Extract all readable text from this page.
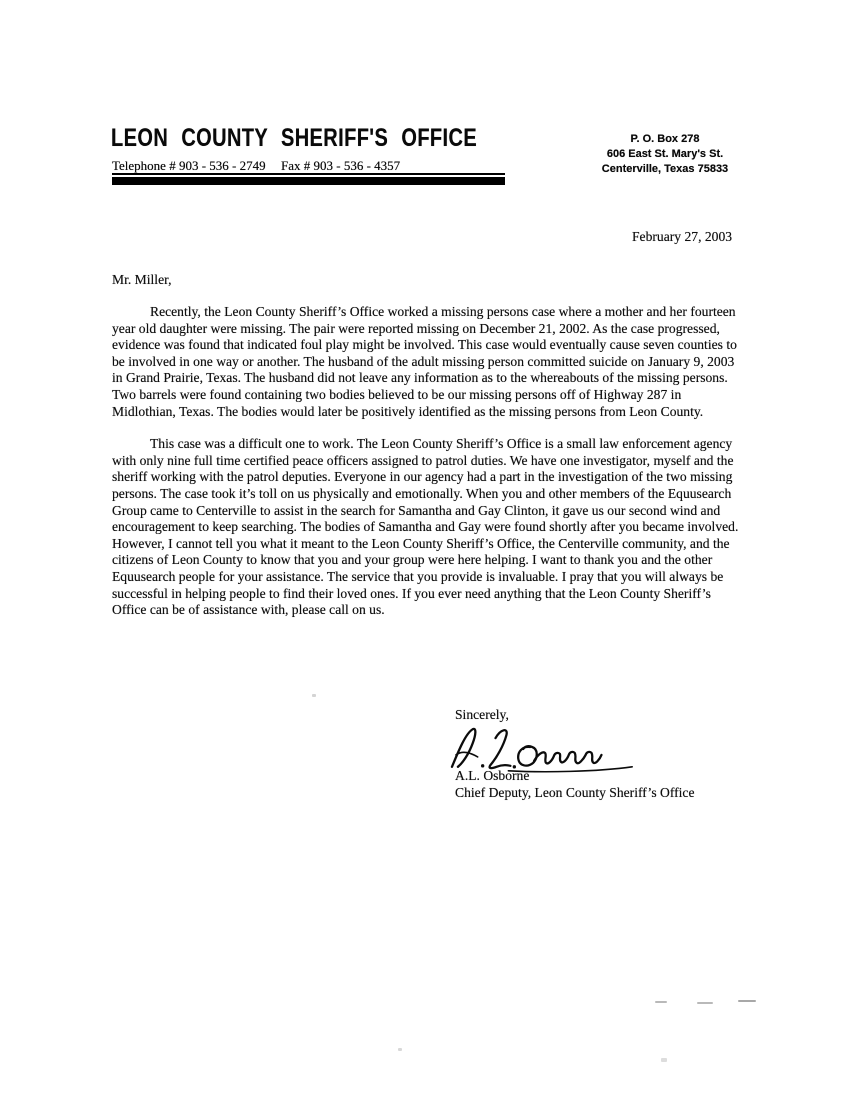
LEON COUNTY SHERIFF'S OFFICE
Telephone # 903 - 536 - 2749 Fax # 903 - 536 - 4357
P. O. Box 278
606 East St. Mary's St.
Centerville, Texas 75833
February 27, 2003
Mr. Miller,

Recently, the Leon County Sheriff’s Office worked a missing persons case where a mother and her fourteen year old daughter were missing. The pair were reported missing on December 21, 2002. As the case progressed, evidence was found that indicated foul play might be involved. This case would eventually cause seven counties to be involved in one way or another. The husband of the adult missing person committed suicide on January 9, 2003 in Grand Prairie, Texas. The husband did not leave any information as to the whereabouts of the missing persons. Two barrels were found containing two bodies believed to be our missing persons off of Highway 287 in Midlothian, Texas. The bodies would later be positively identified as the missing persons from Leon County.

This case was a difficult one to work. The Leon County Sheriff’s Office is a small law enforcement agency with only nine full time certified peace officers assigned to patrol duties. We have one investigator, myself and the sheriff working with the patrol deputies. Everyone in our agency had a part in the investigation of the two missing persons. The case took it’s toll on us physically and emotionally. When you and other members of the Equusearch Group came to Centerville to assist in the search for Samantha and Gay Clinton, it gave us our second wind and encouragement to keep searching. The bodies of Samantha and Gay were found shortly after you became involved. However, I cannot tell you what it meant to the Leon County Sheriff’s Office, the Centerville community, and the citizens of Leon County to know that you and your group were here helping. I want to thank you and the other Equusearch people for your assistance. The service that you provide is invaluable. I pray that you will always be successful in helping people to find their loved ones. If you ever need anything that the Leon County Sheriff’s Office can be of assistance with, please call on us.

Sincerely,
A.L. Osborne
Chief Deputy, Leon County Sheriff’s Office
